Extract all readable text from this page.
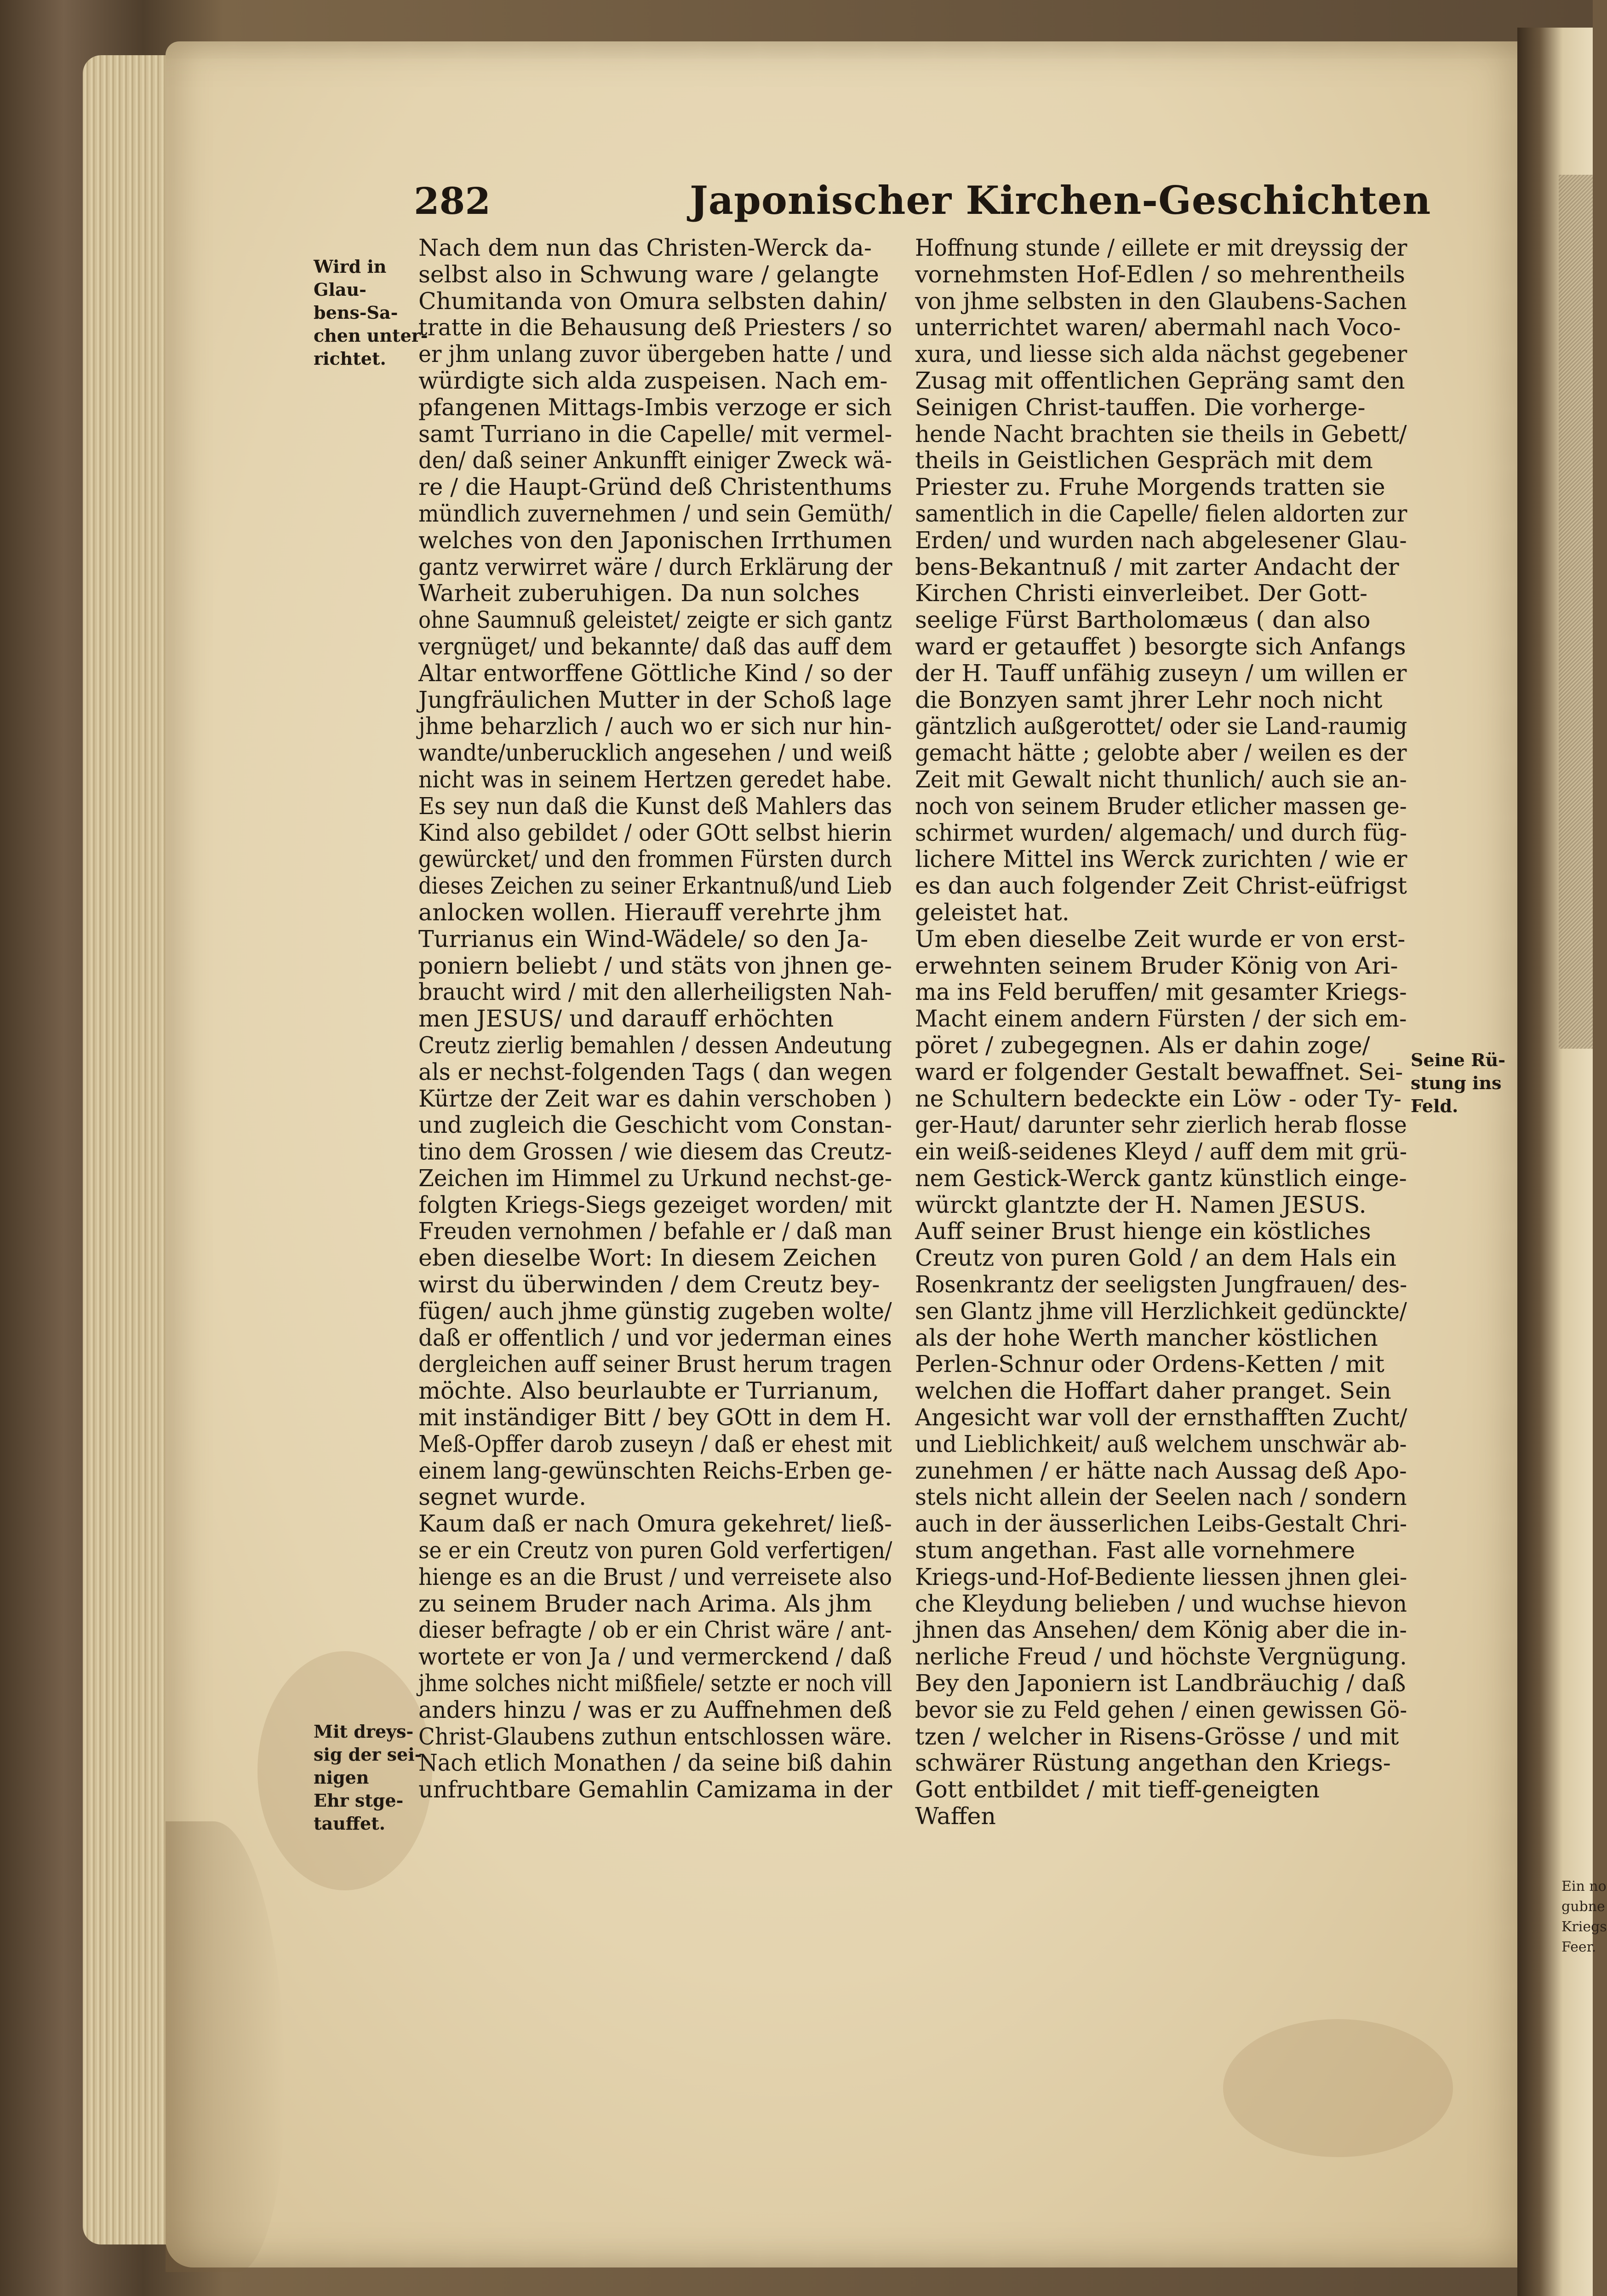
282	Japonischer Kirchen-Geschichten
Wird in
Glau-
bens-Sa-
chen unter-
richtet.
Mit dreys-
sig der sei-
nigen
Ehr stge-
tauffet.
Seine Rü-
stung ins
Feld.
Nach dem nun das Christen-Werck da-
selbst also in Schwung ware / gelangte
Chumitanda von Omura selbsten dahin/
tratte in die Behausung deß Priesters / so
er jhm unlang zuvor übergeben hatte / und
würdigte sich alda zuspeisen. Nach em-
pfangenen Mittags-Imbis verzoge er sich
samt Turriano in die Capelle/ mit vermel-
den/ daß seiner Ankunfft einiger Zweck wä-
re / die Haupt-Gründ deß Christenthums
mündlich zuvernehmen / und sein Gemüth/
welches von den Japonischen Irrthumen
gantz verwirret wäre / durch Erklärung der
Warheit zuberuhigen. Da nun solches
ohne Saumnuß geleistet/ zeigte er sich gantz
vergnüget/ und bekannte/ daß das auff dem
Altar entworffene Göttliche Kind / so der
Jungfräulichen Mutter in der Schoß lage
jhme beharzlich / auch wo er sich nur hin-
wandte/unberucklich angesehen / und weiß
nicht was in seinem Hertzen geredet habe.
Es sey nun daß die Kunst deß Mahlers das
Kind also gebildet / oder GOtt selbst hierin
gewürcket/ und den frommen Fürsten durch
dieses Zeichen zu seiner Erkantnuß/und Lieb
anlocken wollen. Hierauff verehrte jhm
Turrianus ein Wind-Wädele/ so den Ja-
poniern beliebt / und stäts von jhnen ge-
braucht wird / mit den allerheiligsten Nah-
men JESUS/ und darauff erhöchten
Creutz zierlig bemahlen / dessen Andeutung
als er nechst-folgenden Tags ( dan wegen
Kürtze der Zeit war es dahin verschoben )
und zugleich die Geschicht vom Constan-
tino dem Grossen / wie diesem das Creutz-
Zeichen im Himmel zu Urkund nechst-ge-
folgten Kriegs-Siegs gezeiget worden/ mit
Freuden vernohmen / befahle er / daß man
eben dieselbe Wort: In diesem Zeichen
wirst du überwinden / dem Creutz bey-
fügen/ auch jhme günstig zugeben wolte/
daß er offentlich / und vor jederman eines
dergleichen auff seiner Brust herum tragen
möchte. Also beurlaubte er Turrianum,
mit inständiger Bitt / bey GOtt in dem H.
Meß-Opffer darob zuseyn / daß er ehest mit
einem lang-gewünschten Reichs-Erben ge-
segnet wurde.
Kaum daß er nach Omura gekehret/ ließ-
se er ein Creutz von puren Gold verfertigen/
hienge es an die Brust / und verreisete also
zu seinem Bruder nach Arima. Als jhm
dieser befragte / ob er ein Christ wäre / ant-
wortete er von Ja / und vermerckend / daß
jhme solches nicht mißfiele/ setzte er noch vill
anders hinzu / was er zu Auffnehmen deß
Christ-Glaubens zuthun entschlossen wäre.
Nach etlich Monathen / da seine biß dahin
unfruchtbare Gemahlin Camizama in der
Hoffnung stunde / eillete er mit dreyssig der
vornehmsten Hof-Edlen / so mehrentheils
von jhme selbsten in den Glaubens-Sachen
unterrichtet waren/ abermahl nach Voco-
xura, und liesse sich alda nächst gegebener
Zusag mit offentlichen Gepräng samt den
Seinigen Christ-tauffen. Die vorherge-
hende Nacht brachten sie theils in Gebett/
theils in Geistlichen Gespräch mit dem
Priester zu. Fruhe Morgends tratten sie
samentlich in die Capelle/ fielen aldorten zur
Erden/ und wurden nach abgelesener Glau-
bens-Bekantnuß / mit zarter Andacht der
Kirchen Christi einverleibet. Der Gott-
seelige Fürst Bartholomæus ( dan also
ward er getauffet ) besorgte sich Anfangs
der H. Tauff unfähig zuseyn / um willen er
die Bonzyen samt jhrer Lehr noch nicht
gäntzlich außgerottet/ oder sie Land-raumig
gemacht hätte ; gelobte aber / weilen es der
Zeit mit Gewalt nicht thunlich/ auch sie an-
noch von seinem Bruder etlicher massen ge-
schirmet wurden/ algemach/ und durch füg-
lichere Mittel ins Werck zurichten / wie er
es dan auch folgender Zeit Christ-eüfrigst
geleistet hat.
Um eben dieselbe Zeit wurde er von erst-
erwehnten seinem Bruder König von Ari-
ma ins Feld beruffen/ mit gesamter Kriegs-
Macht einem andern Fürsten / der sich em-
pöret / zubegegnen. Als er dahin zoge/
ward er folgender Gestalt bewaffnet. Sei-
ne Schultern bedeckte ein Löw - oder Ty-
ger-Haut/ darunter sehr zierlich herab flosse
ein weiß-seidenes Kleyd / auff dem mit grü-
nem Gestick-Werck gantz künstlich einge-
würckt glantzte der H. Namen JESUS.
Auff seiner Brust hienge ein köstliches
Creutz von puren Gold / an dem Hals ein
Rosenkrantz der seeligsten Jungfrauen/ des-
sen Glantz jhme vill Herzlichkeit gedünckte/
als der hohe Werth mancher köstlichen
Perlen-Schnur oder Ordens-Ketten / mit
welchen die Hoffart daher pranget. Sein
Angesicht war voll der ernsthafften Zucht/
und Lieblichkeit/ auß welchem unschwär ab-
zunehmen / er hätte nach Aussag deß Apo-
stels nicht allein der Seelen nach / sondern
auch in der äusserlichen Leibs-Gestalt Chri-
stum angethan. Fast alle vornehmere
Kriegs-und-Hof-Bediente liessen jhnen glei-
che Kleydung belieben / und wuchse hievon
jhnen das Ansehen/ dem König aber die in-
nerliche Freud / und höchste Vergnügung.
Bey den Japoniern ist Landbräuchig / daß
bevor sie zu Feld gehen / einen gewissen Gö-
tzen / welcher in Risens-Grösse / und mit
schwärer Rüstung angethan den Kriegs-
Gott entbildet / mit tieff-geneigten
Waffen
Ein no
gubne
Kriegs
Feer.
